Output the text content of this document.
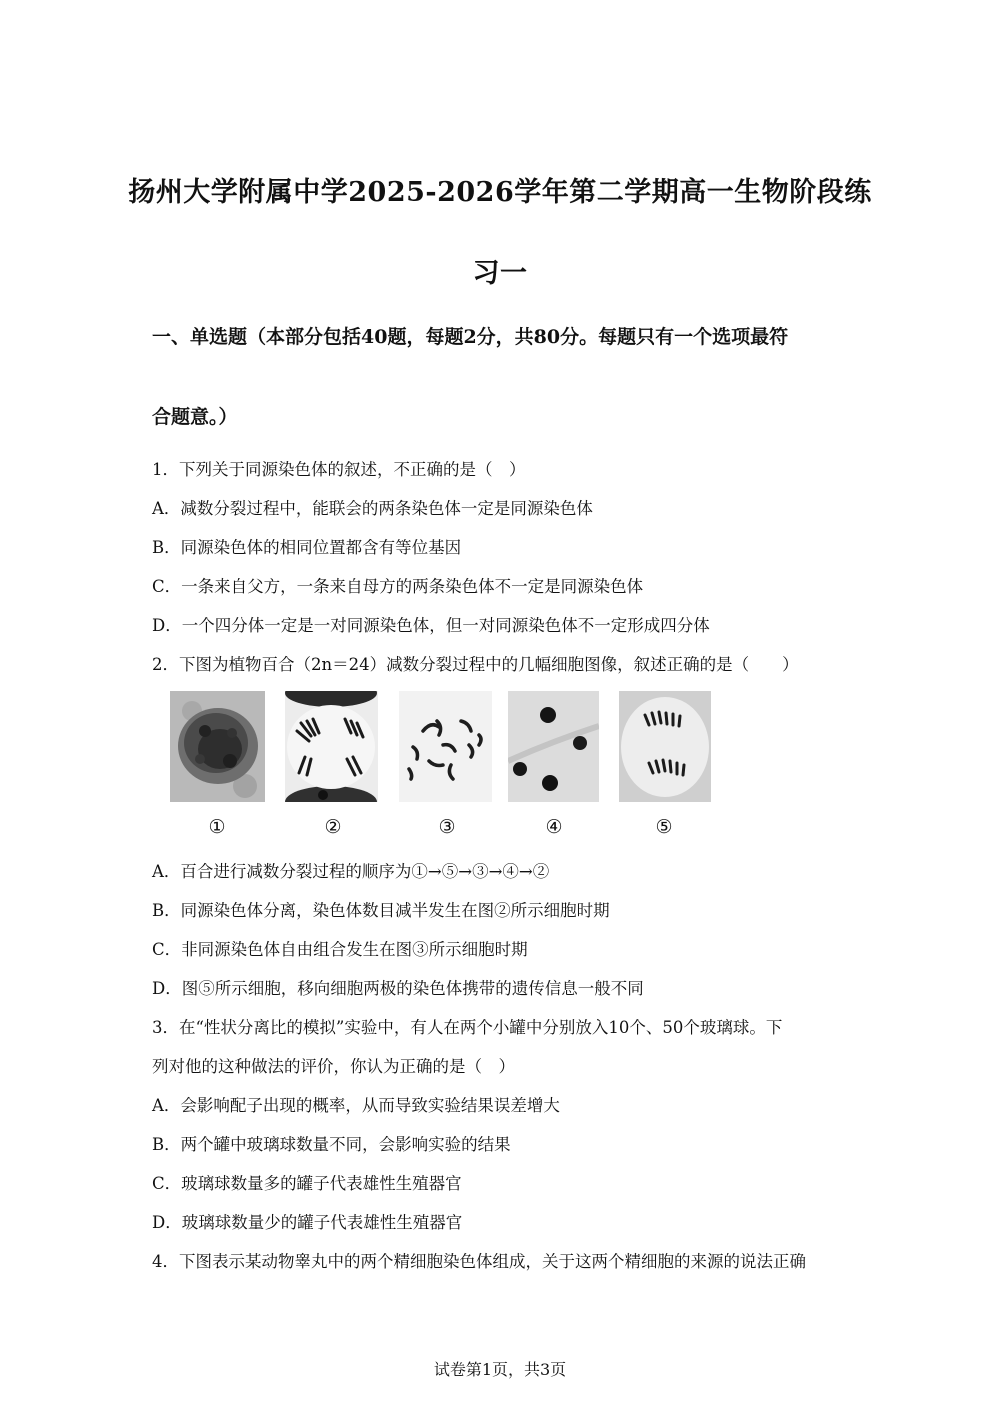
扬州大学附属中学2025-2026学年第二学期高一生物阶段练
习一
一、单选题（本部分包括40题，每题2分，共80分。每题只有一个选项最符
合题意。）
1．下列关于同源染色体的叙述，不正确的是（　）
A．减数分裂过程中，能联会的两条染色体一定是同源染色体
B．同源染色体的相同位置都含有等位基因
C．一条来自父方，一条来自母方的两条染色体不一定是同源染色体
D．一个四分体一定是一对同源染色体，但一对同源染色体不一定形成四分体
2．下图为植物百合（2n＝24）减数分裂过程中的几幅细胞图像，叙述正确的是（　　）
①	②	③	④	⑤
A．百合进行减数分裂过程的顺序为①→⑤→③→④→②
B．同源染色体分离，染色体数目减半发生在图②所示细胞时期
C．非同源染色体自由组合发生在图③所示细胞时期
D．图⑤所示细胞，移向细胞两极的染色体携带的遗传信息一般不同
3．在“性状分离比的模拟”实验中，有人在两个小罐中分别放入10个、50个玻璃球。下
列对他的这种做法的评价，你认为正确的是（　）
A．会影响配子出现的概率，从而导致实验结果误差增大
B．两个罐中玻璃球数量不同，会影响实验的结果
C．玻璃球数量多的罐子代表雄性生殖器官
D．玻璃球数量少的罐子代表雄性生殖器官
4．下图表示某动物睾丸中的两个精细胞染色体组成，关于这两个精细胞的来源的说法正确
试卷第1页，共3页
